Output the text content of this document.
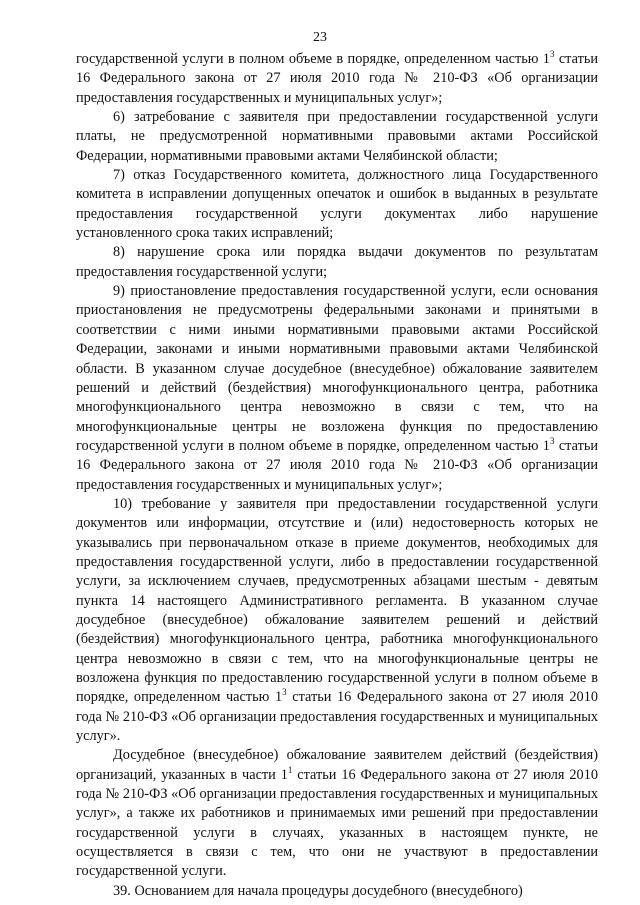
23

государственной услуги в полном объеме в порядке, определенном частью $1^3$ статьи 16 Федерального закона от 27 июля 2010 года № 210-ФЗ «Об организации предоставления государственных и муниципальных услуг»;

6) затребование с заявителя при предоставлении государственной услуги платы, не предусмотренной нормативными правовыми актами Российской Федерации, нормативными правовыми актами Челябинской области;

7) отказ Государственного комитета, должностного лица Государственного комитета в исправлении допущенных опечаток и ошибок в выданных в результате предоставления государственной услуги документах либо нарушение установленного срока таких исправлений;

8) нарушение срока или порядка выдачи документов по результатам предоставления государственной услуги;

9) приостановление предоставления государственной услуги, если основания приостановления не предусмотрены федеральными законами и принятыми в соответствии с ними иными нормативными правовыми актами Российской Федерации, законами и иными нормативными правовыми актами Челябинской области. В указанном случае досудебное (внесудебное) обжалование заявителем решений и действий (бездействия) многофункционального центра, работника многофункционального центра невозможно в связи с тем, что на многофункциональные центры не возложена функция по предоставлению государственной услуги в полном объеме в порядке, определенном частью $1^3$ статьи 16 Федерального закона от 27 июля 2010 года № 210-ФЗ «Об организации предоставления государственных и муниципальных услуг»;

10) требование у заявителя при предоставлении государственной услуги документов или информации, отсутствие и (или) недостоверность которых не указывались при первоначальном отказе в приеме документов, необходимых для предоставления государственной услуги, либо в предоставлении государственной услуги, за исключением случаев, предусмотренных абзацами шестым - девятым пункта 14 настоящего Административного регламента. В указанном случае досудебное (внесудебное) обжалование заявителем решений и действий (бездействия) многофункционального центра, работника многофункционального центра невозможно в связи с тем, что на многофункциональные центры не возложена функция по предоставлению государственной услуги в полном объеме в порядке, определенном частью $1^3$ статьи 16 Федерального закона от 27 июля 2010 года № 210-ФЗ «Об организации предоставления государственных и муниципальных услуг».

Досудебное (внесудебное) обжалование заявителем действий (бездействия) организаций, указанных в части $1^1$ статьи 16 Федерального закона от 27 июля 2010 года № 210-ФЗ «Об организации предоставления государственных и муниципальных услуг», а также их работников и принимаемых ими решений при предоставлении государственной услуги в случаях, указанных в настоящем пункте, не осуществляется в связи с тем, что они не участвуют в предоставлении государственной услуги.

39. Основанием для начала процедуры досудебного (внесудебного)
